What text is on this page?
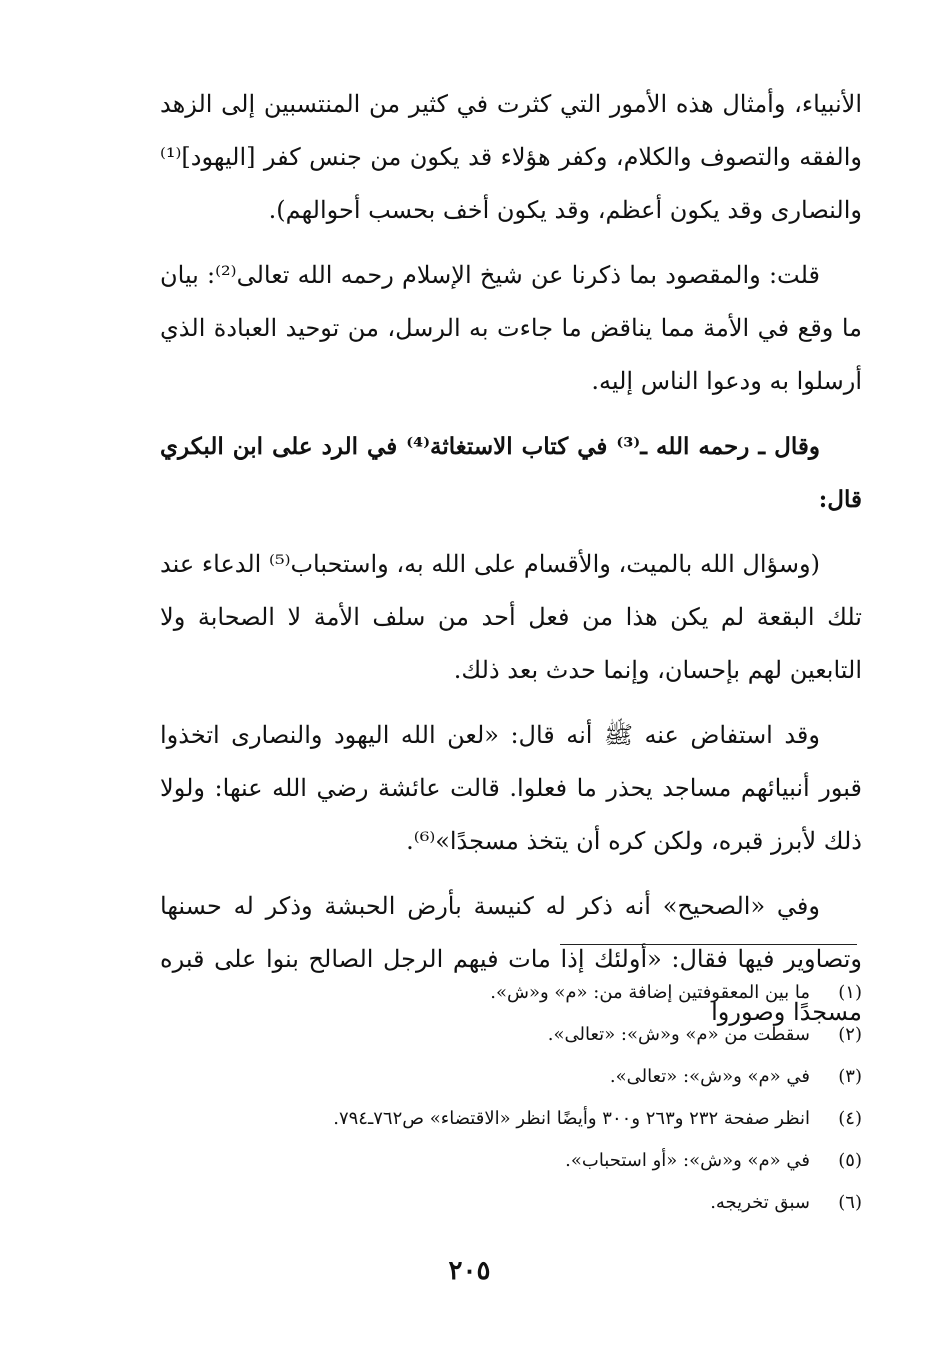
الأنبياء، وأمثال هذه الأمور التي كثرت في كثير من المنتسبين إلى الزهد والفقه والتصوف والكلام، وكفر هؤلاء قد يكون من جنس كفر [اليهود]⁽¹⁾ والنصارى وقد يكون أعظم، وقد يكون أخف بحسب أحوالهم).

قلت: والمقصود بما ذكرنا عن شيخ الإسلام رحمه الله تعالى⁽²⁾: بيان ما وقع في الأمة مما يناقض ما جاءت به الرسل، من توحيد العبادة الذي أرسلوا به ودعوا الناس إليه.

وقال ـ رحمه الله ـ⁽³⁾ في كتاب الاستغاثة⁽⁴⁾ في الرد على ابن البكري قال:

(وسؤال الله بالميت، والأقسام على الله به، واستحباب⁽⁵⁾ الدعاء عند تلك البقعة لم يكن هذا من فعل أحد من سلف الأمة لا الصحابة ولا التابعين لهم بإحسان، وإنما حدث بعد ذلك.

وقد استفاض عنه ﷺ أنه قال: «لعن الله اليهود والنصارى اتخذوا قبور أنبيائهم مساجد يحذر ما فعلوا. قالت عائشة رضي الله عنها: ولولا ذلك لأبرز قبره، ولكن كره أن يتخذ مسجدًا»⁽⁶⁾.

وفي «الصحيح» أنه ذكر له كنيسة بأرض الحبشة وذكر له حسنها وتصاوير فيها فقال: «أولئك إذا مات فيهم الرجل الصالح بنوا على قبره مسجدًا وصوروا

(١)
ما بين المعقوفتين إضافة من: «م» و«ش».
(٢)
سقطت من «م» و«ش»: «تعالى».
(٣)
في «م» و«ش»: «تعالى».
(٤)
انظر صفحة ٢٣٢ و٢٦٣ و٣٠٠ وأيضًا انظر «الاقتضاء» ص٧٦٢ـ٧٩٤.
(٥)
في «م» و«ش»: «أو استحباب».
(٦)
سبق تخريجه.
٢٠٥
